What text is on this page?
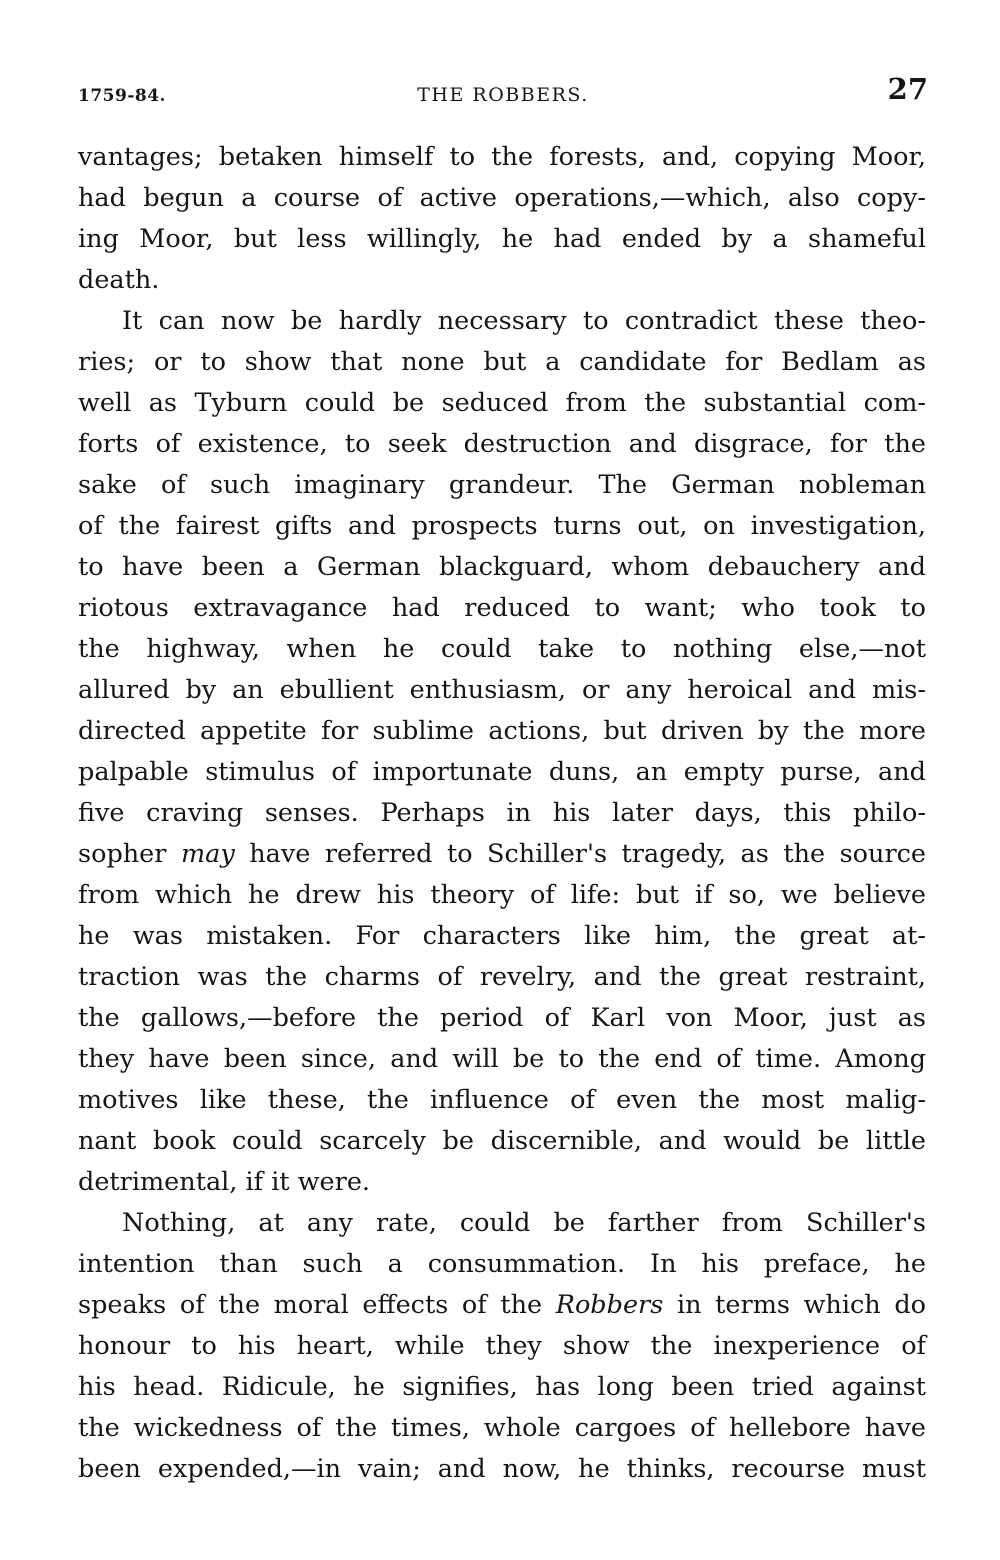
1759-84.	THE ROBBERS.	27
vantages; betaken himself to the forests, and, copying Moor,
had begun a course of active operations,—which, also copy-
ing Moor, but less willingly, he had ended by a shameful
death.
It can now be hardly necessary to contradict these theo-
ries; or to show that none but a candidate for Bedlam as
well as Tyburn could be seduced from the substantial com-
forts of existence, to seek destruction and disgrace, for the
sake of such imaginary grandeur. The German nobleman
of the fairest gifts and prospects turns out, on investigation,
to have been a German blackguard, whom debauchery and
riotous extravagance had reduced to want; who took to
the highway, when he could take to nothing else,—not
allured by an ebullient enthusiasm, or any heroical and mis-
directed appetite for sublime actions, but driven by the more
palpable stimulus of importunate duns, an empty purse, and
five craving senses. Perhaps in his later days, this philo-
sopher may have referred to Schiller's tragedy, as the source
from which he drew his theory of life: but if so, we believe
he was mistaken. For characters like him, the great at-
traction was the charms of revelry, and the great restraint,
the gallows,—before the period of Karl von Moor, just as
they have been since, and will be to the end of time. Among
motives like these, the influence of even the most malig-
nant book could scarcely be discernible, and would be little
detrimental, if it were.
Nothing, at any rate, could be farther from Schiller's
intention than such a consummation. In his preface, he
speaks of the moral effects of the Robbers in terms which do
honour to his heart, while they show the inexperience of
his head. Ridicule, he signifies, has long been tried against
the wickedness of the times, whole cargoes of hellebore have
been expended,—in vain; and now, he thinks, recourse must
